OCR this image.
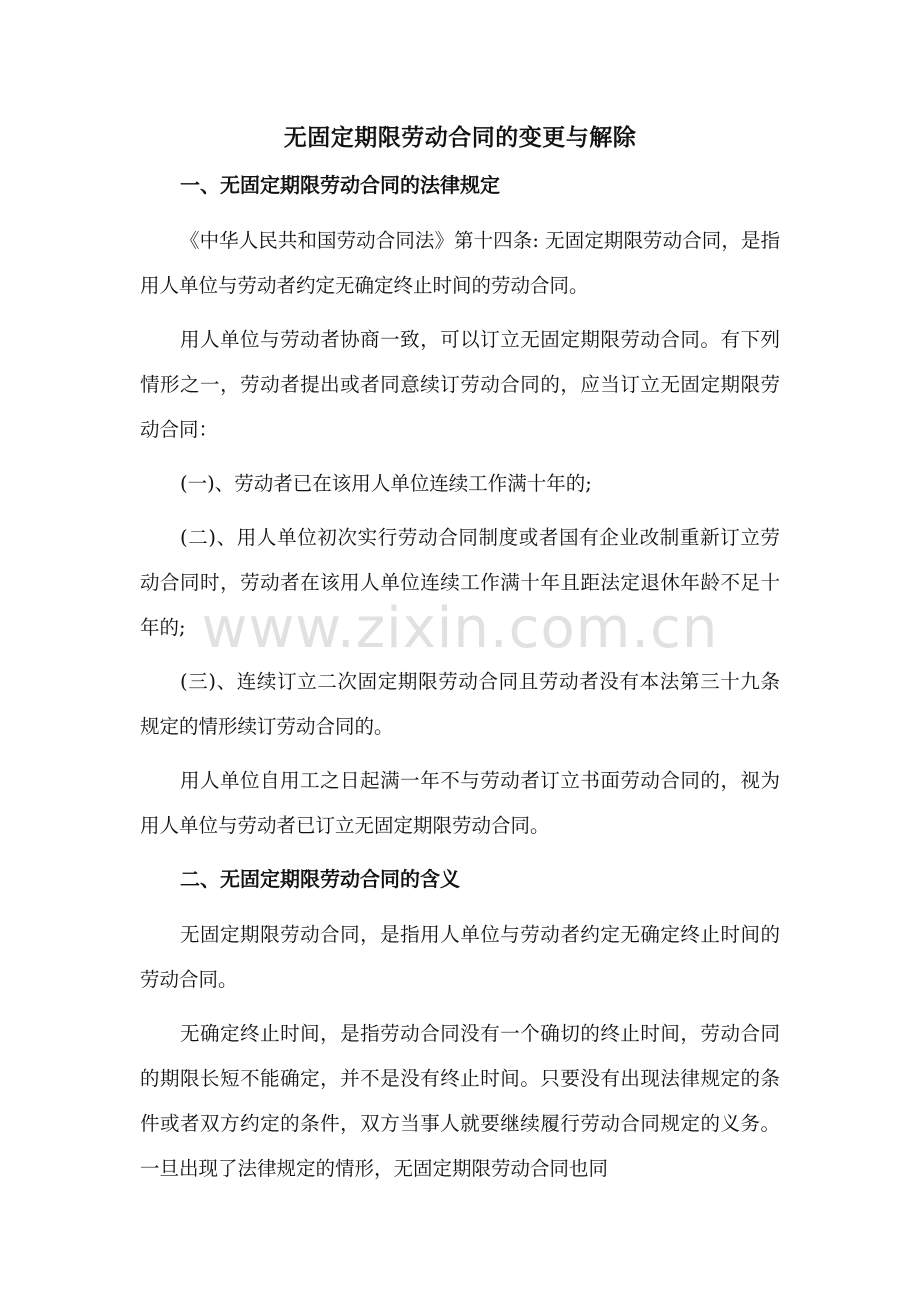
无固定期限劳动合同的变更与解除
一、无固定期限劳动合同的法律规定

《中华人民共和国劳动合同法》第十四条: 无固定期限劳动合同，是指用人单位与劳动者约定无确定终止时间的劳动合同。

用人单位与劳动者协商一致，可以订立无固定期限劳动合同。有下列情形之一，劳动者提出或者同意续订劳动合同的，应当订立无固定期限劳动合同：

(一)、劳动者已在该用人单位连续工作满十年的;

(二)、用人单位初次实行劳动合同制度或者国有企业改制重新订立劳动合同时，劳动者在该用人单位连续工作满十年且距法定退休年龄不足十年的;

(三)、连续订立二次固定期限劳动合同且劳动者没有本法第三十九条规定的情形续订劳动合同的。

用人单位自用工之日起满一年不与劳动者订立书面劳动合同的，视为用人单位与劳动者已订立无固定期限劳动合同。

二、无固定期限劳动合同的含义

无固定期限劳动合同，是指用人单位与劳动者约定无确定终止时间的劳动合同。

无确定终止时间，是指劳动合同没有一个确切的终止时间，劳动合同的期限长短不能确定，并不是没有终止时间。只要没有出现法律规定的条件或者双方约定的条件，双方当事人就要继续履行劳动合同规定的义务。一旦出现了法律规定的情形，无固定期限劳动合同也同

www.zixin.com.cn
